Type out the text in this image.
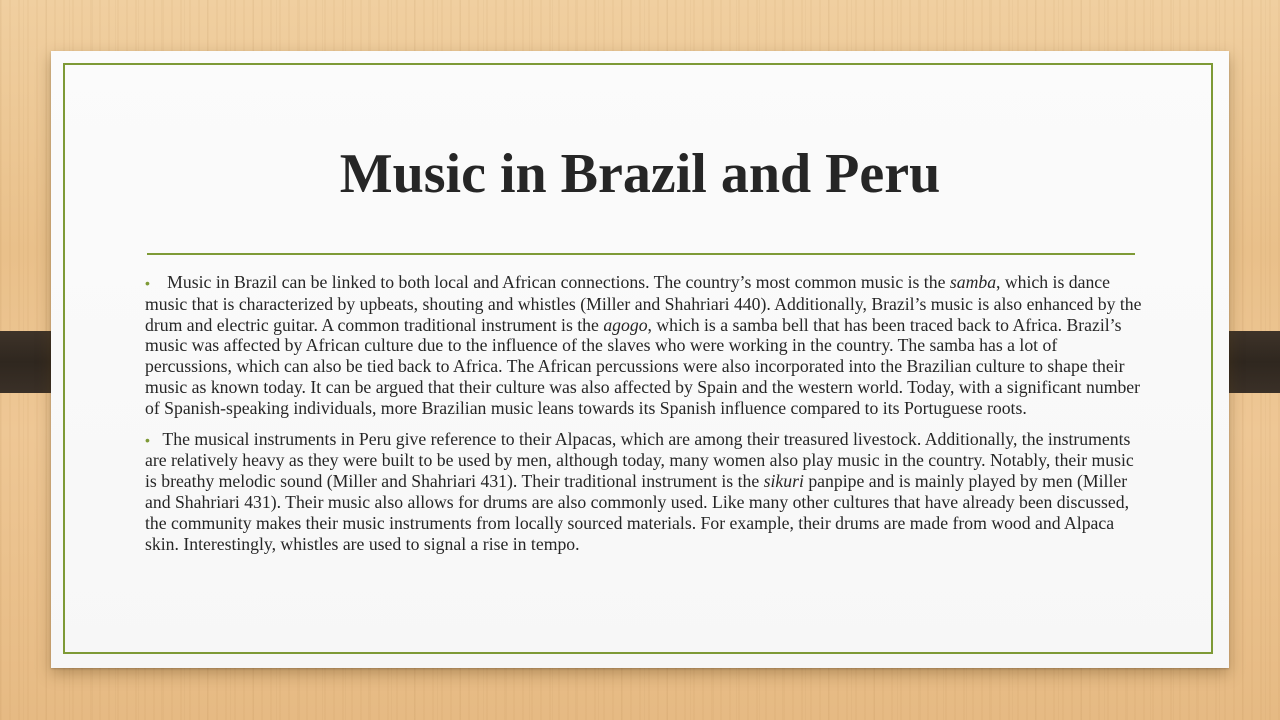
Music in Brazil and Peru

•   Music in Brazil can be linked to both local and African connections. The country’s most common music is the samba, which is dance music that is characterized by upbeats, shouting and whistles (Miller and Shahriari 440). Additionally, Brazil’s music is also enhanced by the drum and electric guitar. A common traditional instrument is the agogo, which is a samba bell that has been traced back to Africa. Brazil’s music was affected by African culture due to the influence of the slaves who were working in the country. The samba has a lot of percussions, which can also be tied back to Africa. The African percussions were also incorporated into the Brazilian culture to shape their music as known today. It can be argued that their culture was also affected by Spain and the western world. Today, with a significant number of Spanish-speaking individuals, more Brazilian music leans towards its Spanish influence compared to its Portuguese roots.

•  The musical instruments in Peru give reference to their Alpacas, which are among their treasured livestock. Additionally, the instruments are relatively heavy as they were built to be used by men, although today, many women also play music in the country. Notably, their music is breathy melodic sound (Miller and Shahriari 431). Their traditional instrument is the sikuri panpipe and is mainly played by men (Miller and Shahriari 431). Their music also allows for drums are also commonly used. Like many other cultures that have already been discussed, the community makes their music instruments from locally sourced materials. For example, their drums are made from wood and Alpaca skin. Interestingly, whistles are used to signal a rise in tempo.
